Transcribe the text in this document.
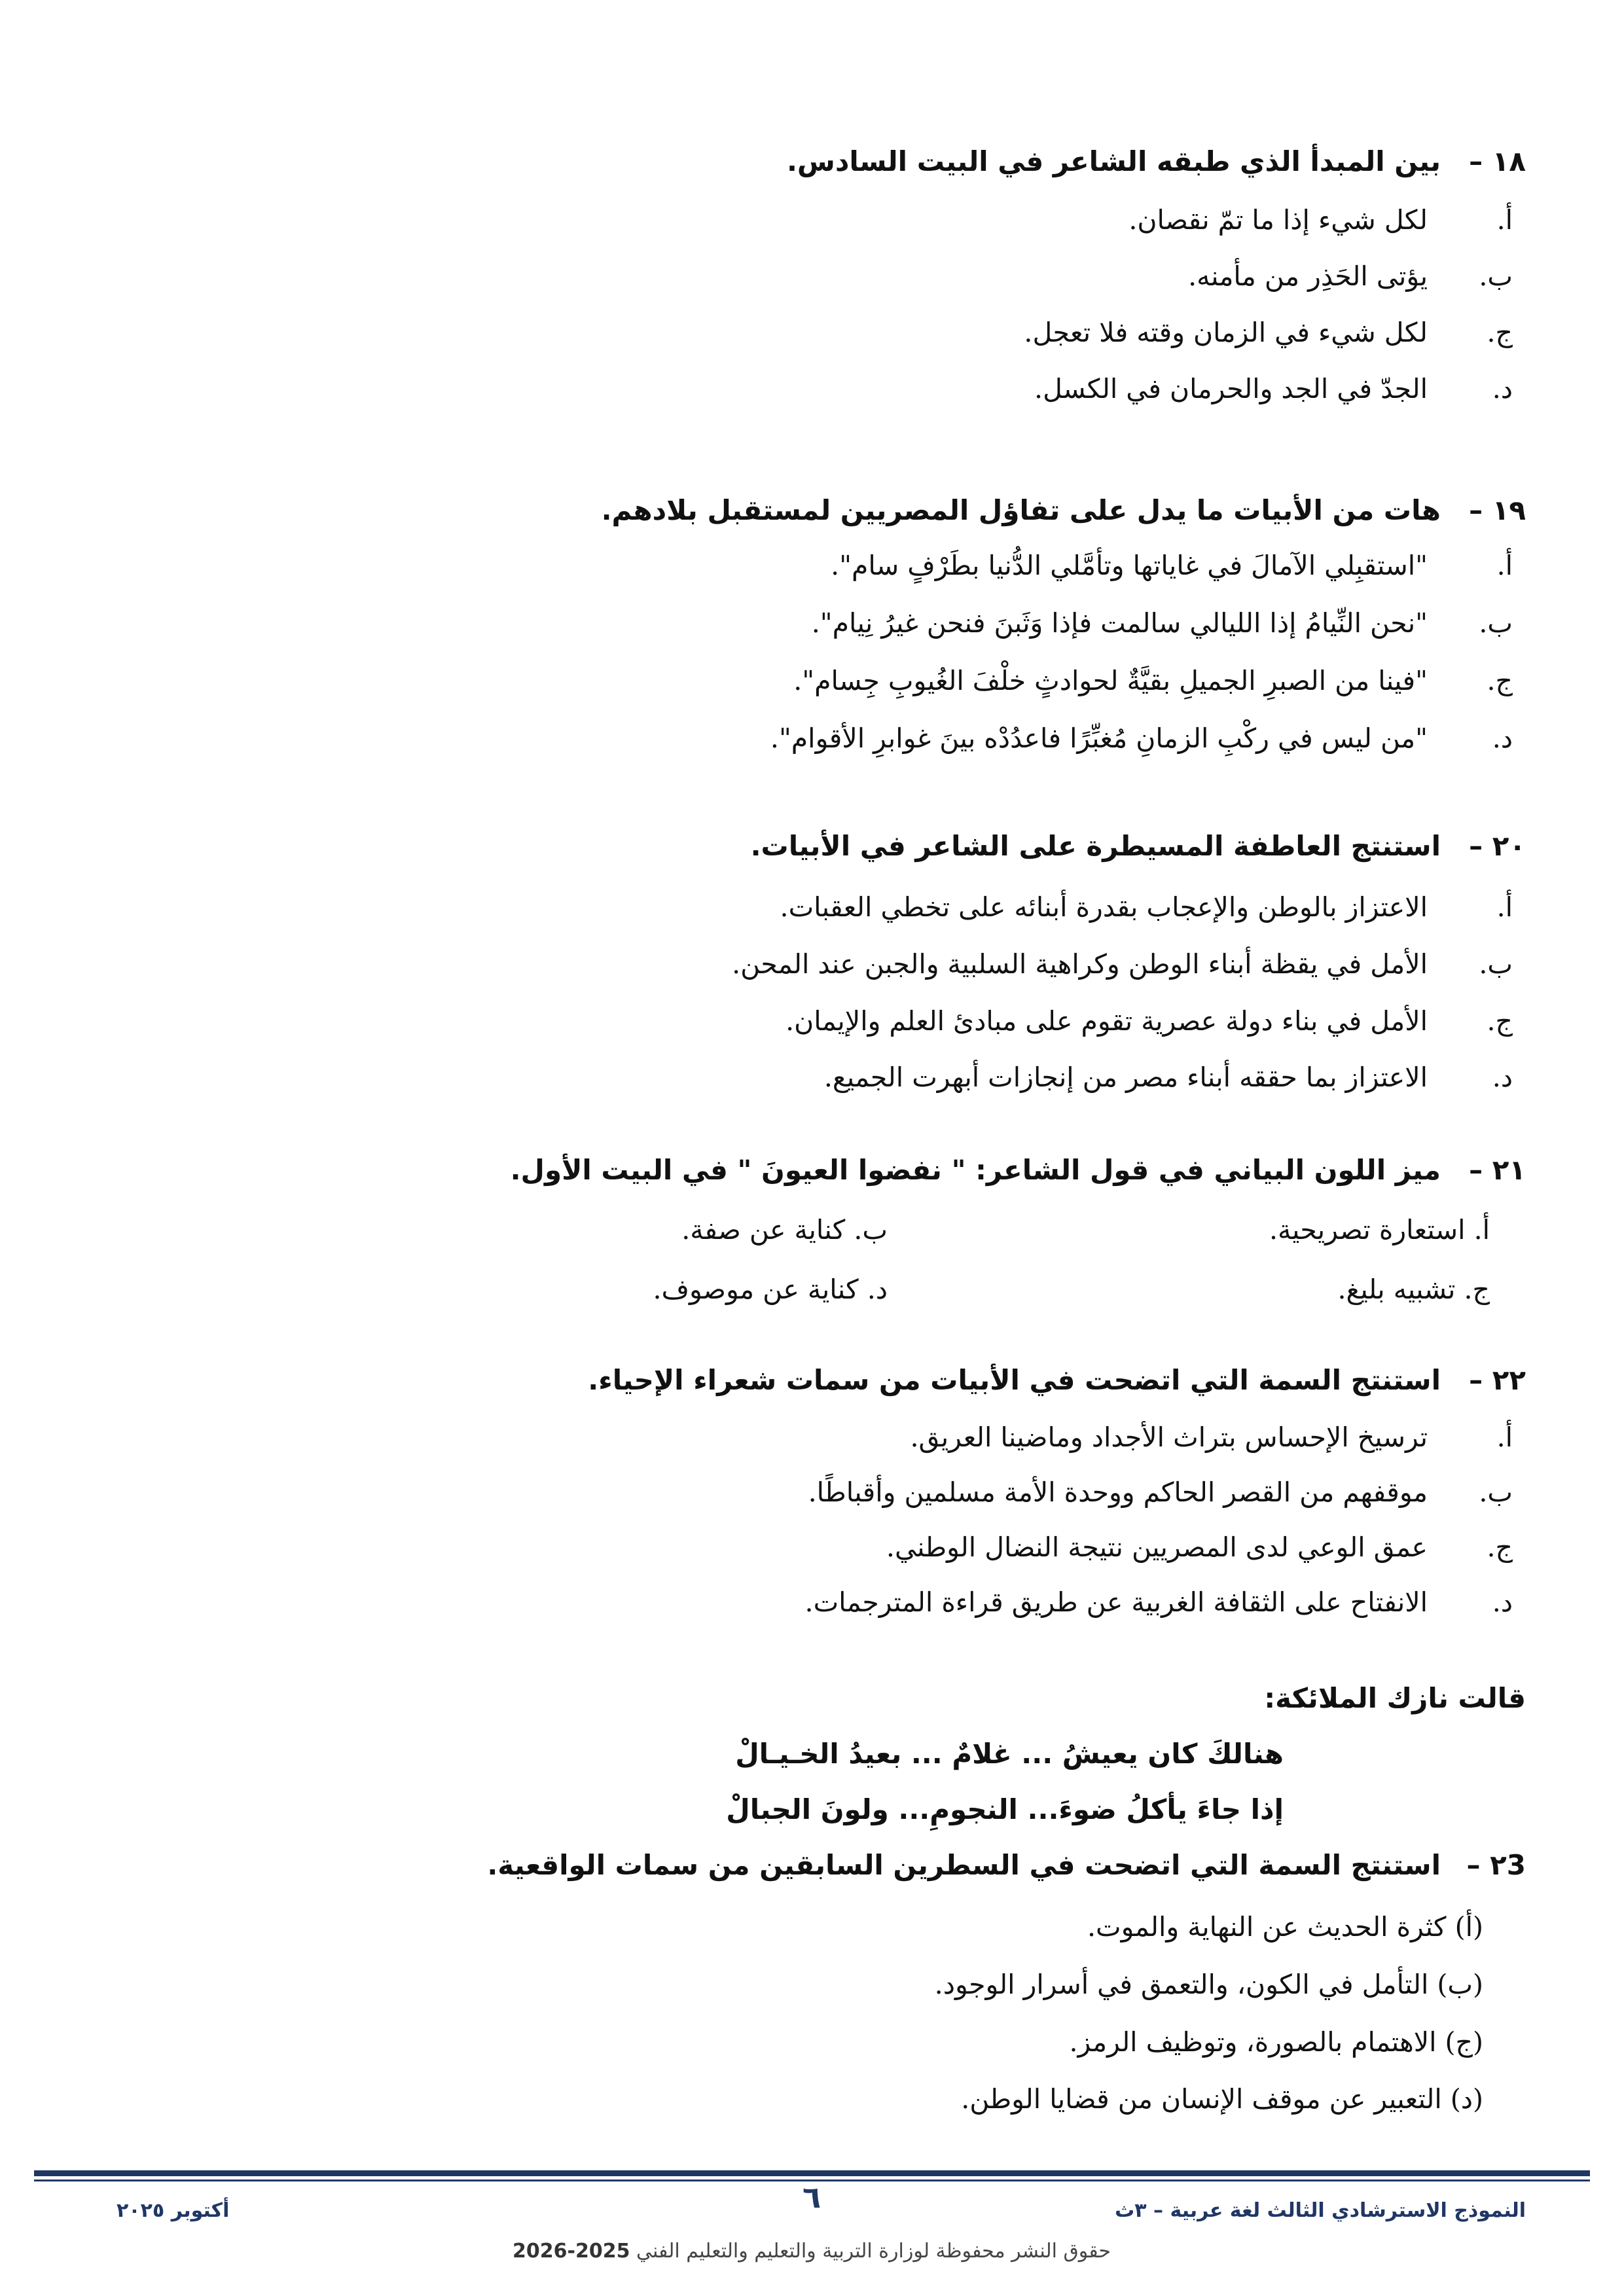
١٨ –
بين المبدأ الذي طبقه الشاعر في البيت السادس.
أ.
لكل شيء إذا ما تمّ نقصان.
ب.
يؤتى الحَذِر من مأمنه.
ج.
لكل شيء في الزمان وقته فلا تعجل.
د.
الجدّ في الجد والحرمان في الكسل.
١٩ –
هات من الأبيات ما يدل على تفاؤل المصريين لمستقبل بلادهم.
أ.
"استقبِلي الآمالَ في غاياتها وتأمَّلي الدُّنيا بطَرْفٍ سام".
ب.
"نحن النِّيامُ إذا الليالي سالمت فإذا وَثَبنَ فنحن غيرُ نِيام".
ج.
"فينا من الصبرِ الجميلِ بقيَّةٌ لحوادثٍ خلْفَ الغُيوبِ جِسام".
د.
"من ليس في ركْبِ الزمانِ مُغبِّرًا فاعدُدْه بينَ غوابرِ الأقوام".
٢٠ –
استنتج العاطفة المسيطرة على الشاعر في الأبيات.
أ.
الاعتزاز بالوطن والإعجاب بقدرة أبنائه على تخطي العقبات.
ب.
الأمل في يقظة أبناء الوطن وكراهية السلبية والجبن عند المحن.
ج.
الأمل في بناء دولة عصرية تقوم على مبادئ العلم والإيمان.
د.
الاعتزاز بما حققه أبناء مصر من إنجازات أبهرت الجميع.
٢١ –
ميز اللون البياني في قول الشاعر: " نفضوا العيونَ " في البيت الأول.
أ. استعارة تصريحية.
ب. كناية عن صفة.
ج. تشبيه بليغ.
د. كناية عن موصوف.
٢٢ –
استنتج السمة التي اتضحت في الأبيات من سمات شعراء الإحياء.
أ.
ترسيخ الإحساس بتراث الأجداد وماضينا العريق.
ب.
موقفهم من القصر الحاكم ووحدة الأمة مسلمين وأقباطًا.
ج.
عمق الوعي لدى المصريين نتيجة النضال الوطني.
د.
الانفتاح على الثقافة الغربية عن طريق قراءة المترجمات.
قالت نازك الملائكة:
هنالكَ كان يعيشُ ... غلامٌ ... بعيدُ الخـيـالْ
إذا جاءَ يأكلُ ضوءَ... النجومِ... ولونَ الجبالْ
٢3 –
استنتج السمة التي اتضحت في السطرين السابقين من سمات الواقعية.
(أ) كثرة الحديث عن النهاية والموت.
(ب) التأمل في الكون، والتعمق في أسرار الوجود.
(ج) الاهتمام بالصورة، وتوظيف الرمز.
(د) التعبير عن موقف الإنسان من قضايا الوطن.
النموذج الاسترشادي الثالث لغة عربية – ٣ث
٦
أكتوبر ٢٠٢٥
حقوق النشر محفوظة لوزارة التربية والتعليم والتعليم الفني 2025-2026
